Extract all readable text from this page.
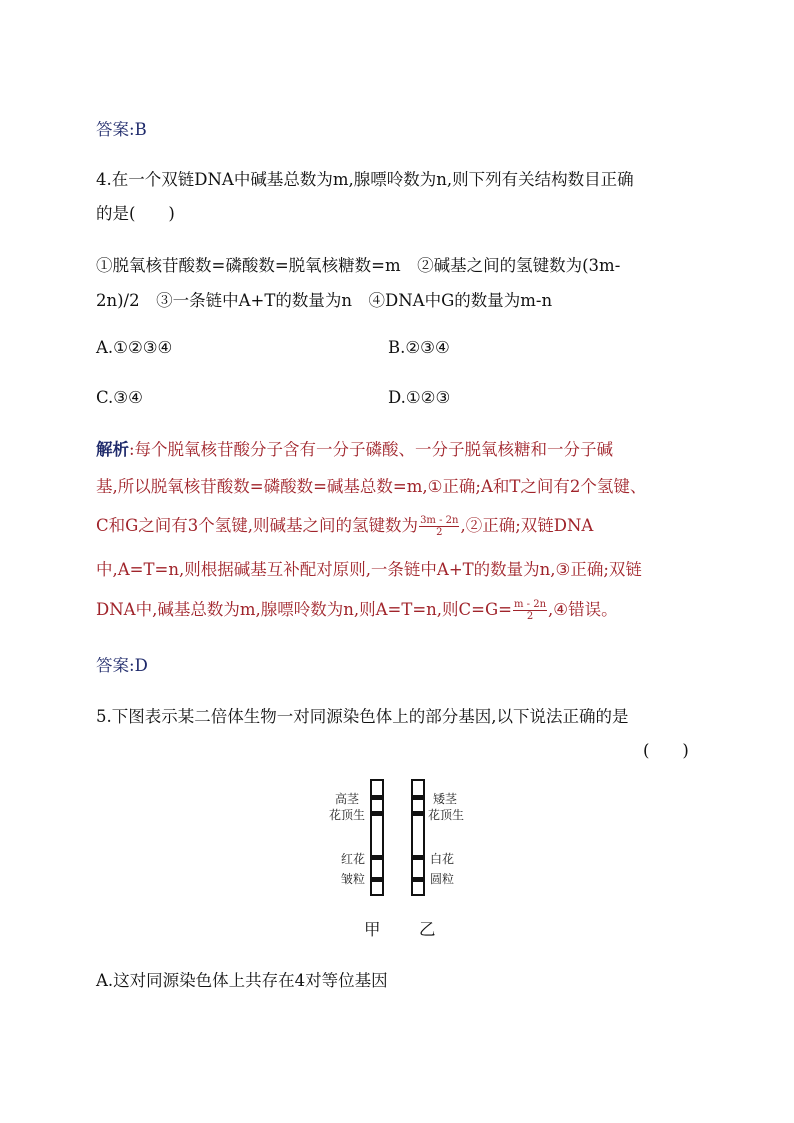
答案:B
4.在一个双链DNA中碱基总数为m,腺嘌呤数为n,则下列有关结构数目正确
的是(　　)
①脱氧核苷酸数=磷酸数=脱氧核糖数=m　②碱基之间的氢键数为(3m-
2n)/2　③一条链中A+T的数量为n　④DNA中G的数量为m-n
A.①②③④	B.②③④
C.③④	D.①②③
解析:每个脱氧核苷酸分子含有一分子磷酸、一分子脱氧核糖和一分子碱
基,所以脱氧核苷酸数=磷酸数=碱基总数=m,①正确;A和T之间有2个氢键、
C和G之间有3个氢键,则碱基之间的氢键数为 $\frac{3m - 2n}{2}$ ,②正确;双链DNA
中,A=T=n,则根据碱基互补配对原则,一条链中A+T的数量为n,③正确;双链
DNA中,碱基总数为m,腺嘌呤数为n,则A=T=n,则$C=G= \frac{m - 2n}{2}$ ,④错误。
答案:D
5.下图表示某二倍体生物一对同源染色体上的部分基因,以下说法正确的是
(　　)
高茎
花顶生
红花
皱粒
矮茎
花顶生
白花
圆粒
甲 乙
A.这对同源染色体上共存在4对等位基因
